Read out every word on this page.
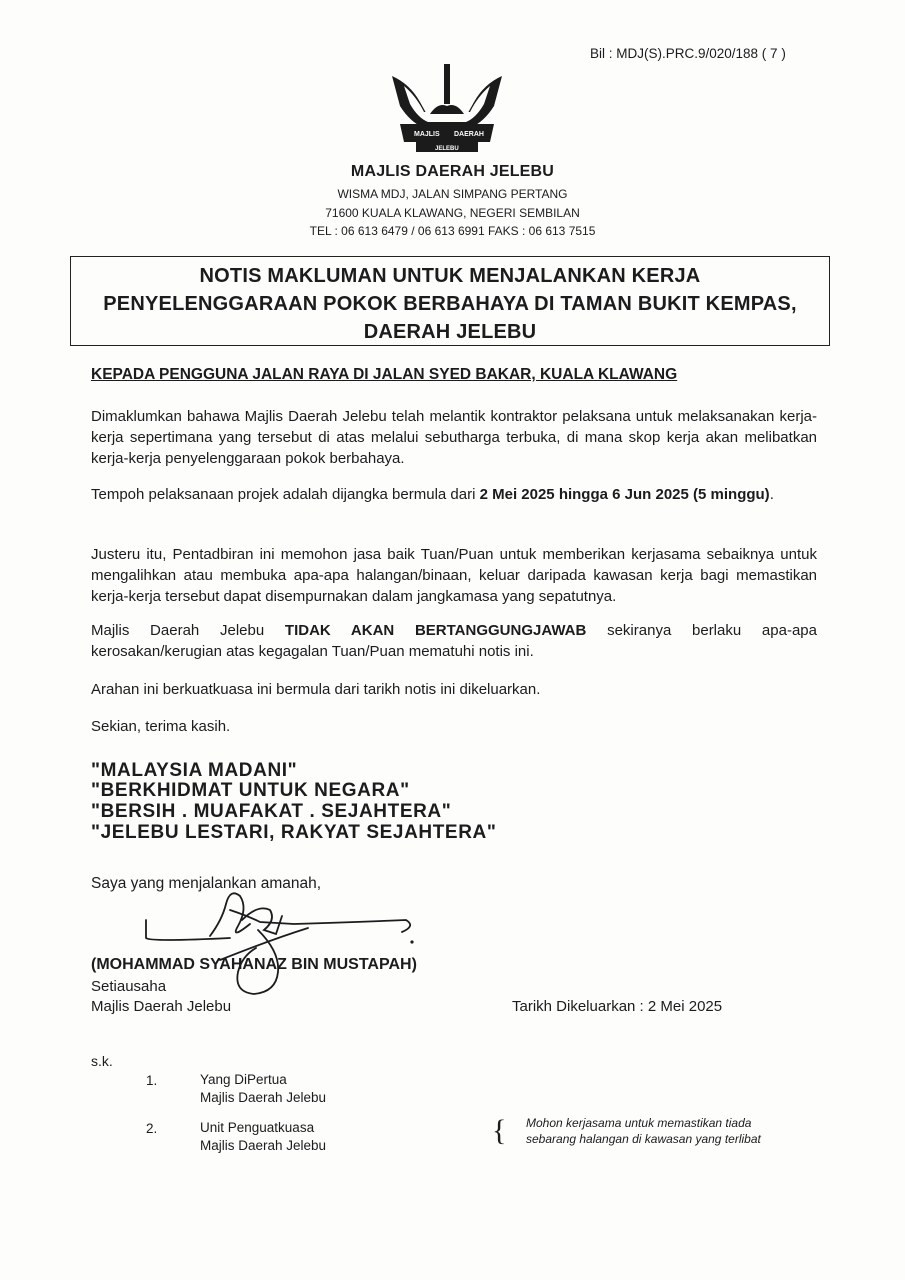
Bil : MDJ(S).PRC.9/020/188 ( 7 )
MAJLIS DAERAH
JELEBU
MAJLIS DAERAH JELEBU
WISMA MDJ, JALAN SIMPANG PERTANG
71600 KUALA KLAWANG, NEGERI SEMBILAN
TEL : 06 613 6479 / 06 613 6991 FAKS : 06 613 7515
NOTIS MAKLUMAN UNTUK MENJALANKAN KERJA
PENYELENGGARAAN POKOK BERBAHAYA DI TAMAN BUKIT KEMPAS,
DAERAH JELEBU
KEPADA PENGGUNA JALAN RAYA DI JALAN SYED BAKAR, KUALA KLAWANG
Dimaklumkan bahawa Majlis Daerah Jelebu telah melantik kontraktor pelaksana untuk melaksanakan kerja-kerja sepertimana yang tersebut di atas melalui sebutharga terbuka, di mana skop kerja akan melibatkan kerja-kerja penyelenggaraan pokok berbahaya.
Tempoh pelaksanaan projek adalah dijangka bermula dari 2 Mei 2025 hingga 6 Jun 2025 (5 minggu).
Justeru itu, Pentadbiran ini memohon jasa baik Tuan/Puan untuk memberikan kerjasama sebaiknya untuk mengalihkan atau membuka apa-apa halangan/binaan, keluar daripada kawasan kerja bagi memastikan kerja-kerja tersebut dapat disempurnakan dalam jangkamasa yang sepatutnya.
Majlis Daerah Jelebu TIDAK AKAN BERTANGGUNGJAWAB sekiranya berlaku apa-apa kerosakan/kerugian atas kegagalan Tuan/Puan mematuhi notis ini.
Arahan ini berkuatkuasa ini bermula dari tarikh notis ini dikeluarkan.
Sekian, terima kasih.
"MALAYSIA MADANI"
"BERKHIDMAT UNTUK NEGARA"
"BERSIH . MUAFAKAT . SEJAHTERA"
"JELEBU LESTARI, RAKYAT SEJAHTERA"
Saya yang menjalankan amanah,
(MOHAMMAD SYAHANAZ BIN MUSTAPAH)
Setiausaha
Majlis Daerah Jelebu	Tarikh Dikeluarkan : 2 Mei 2025
s.k.
1.	Yang DiPertua
Majlis Daerah Jelebu
2.	Unit Penguatkuasa
Majlis Daerah Jelebu	{ Mohon kerjasama untuk memastikan tiada
sebarang halangan di kawasan yang terlibat
